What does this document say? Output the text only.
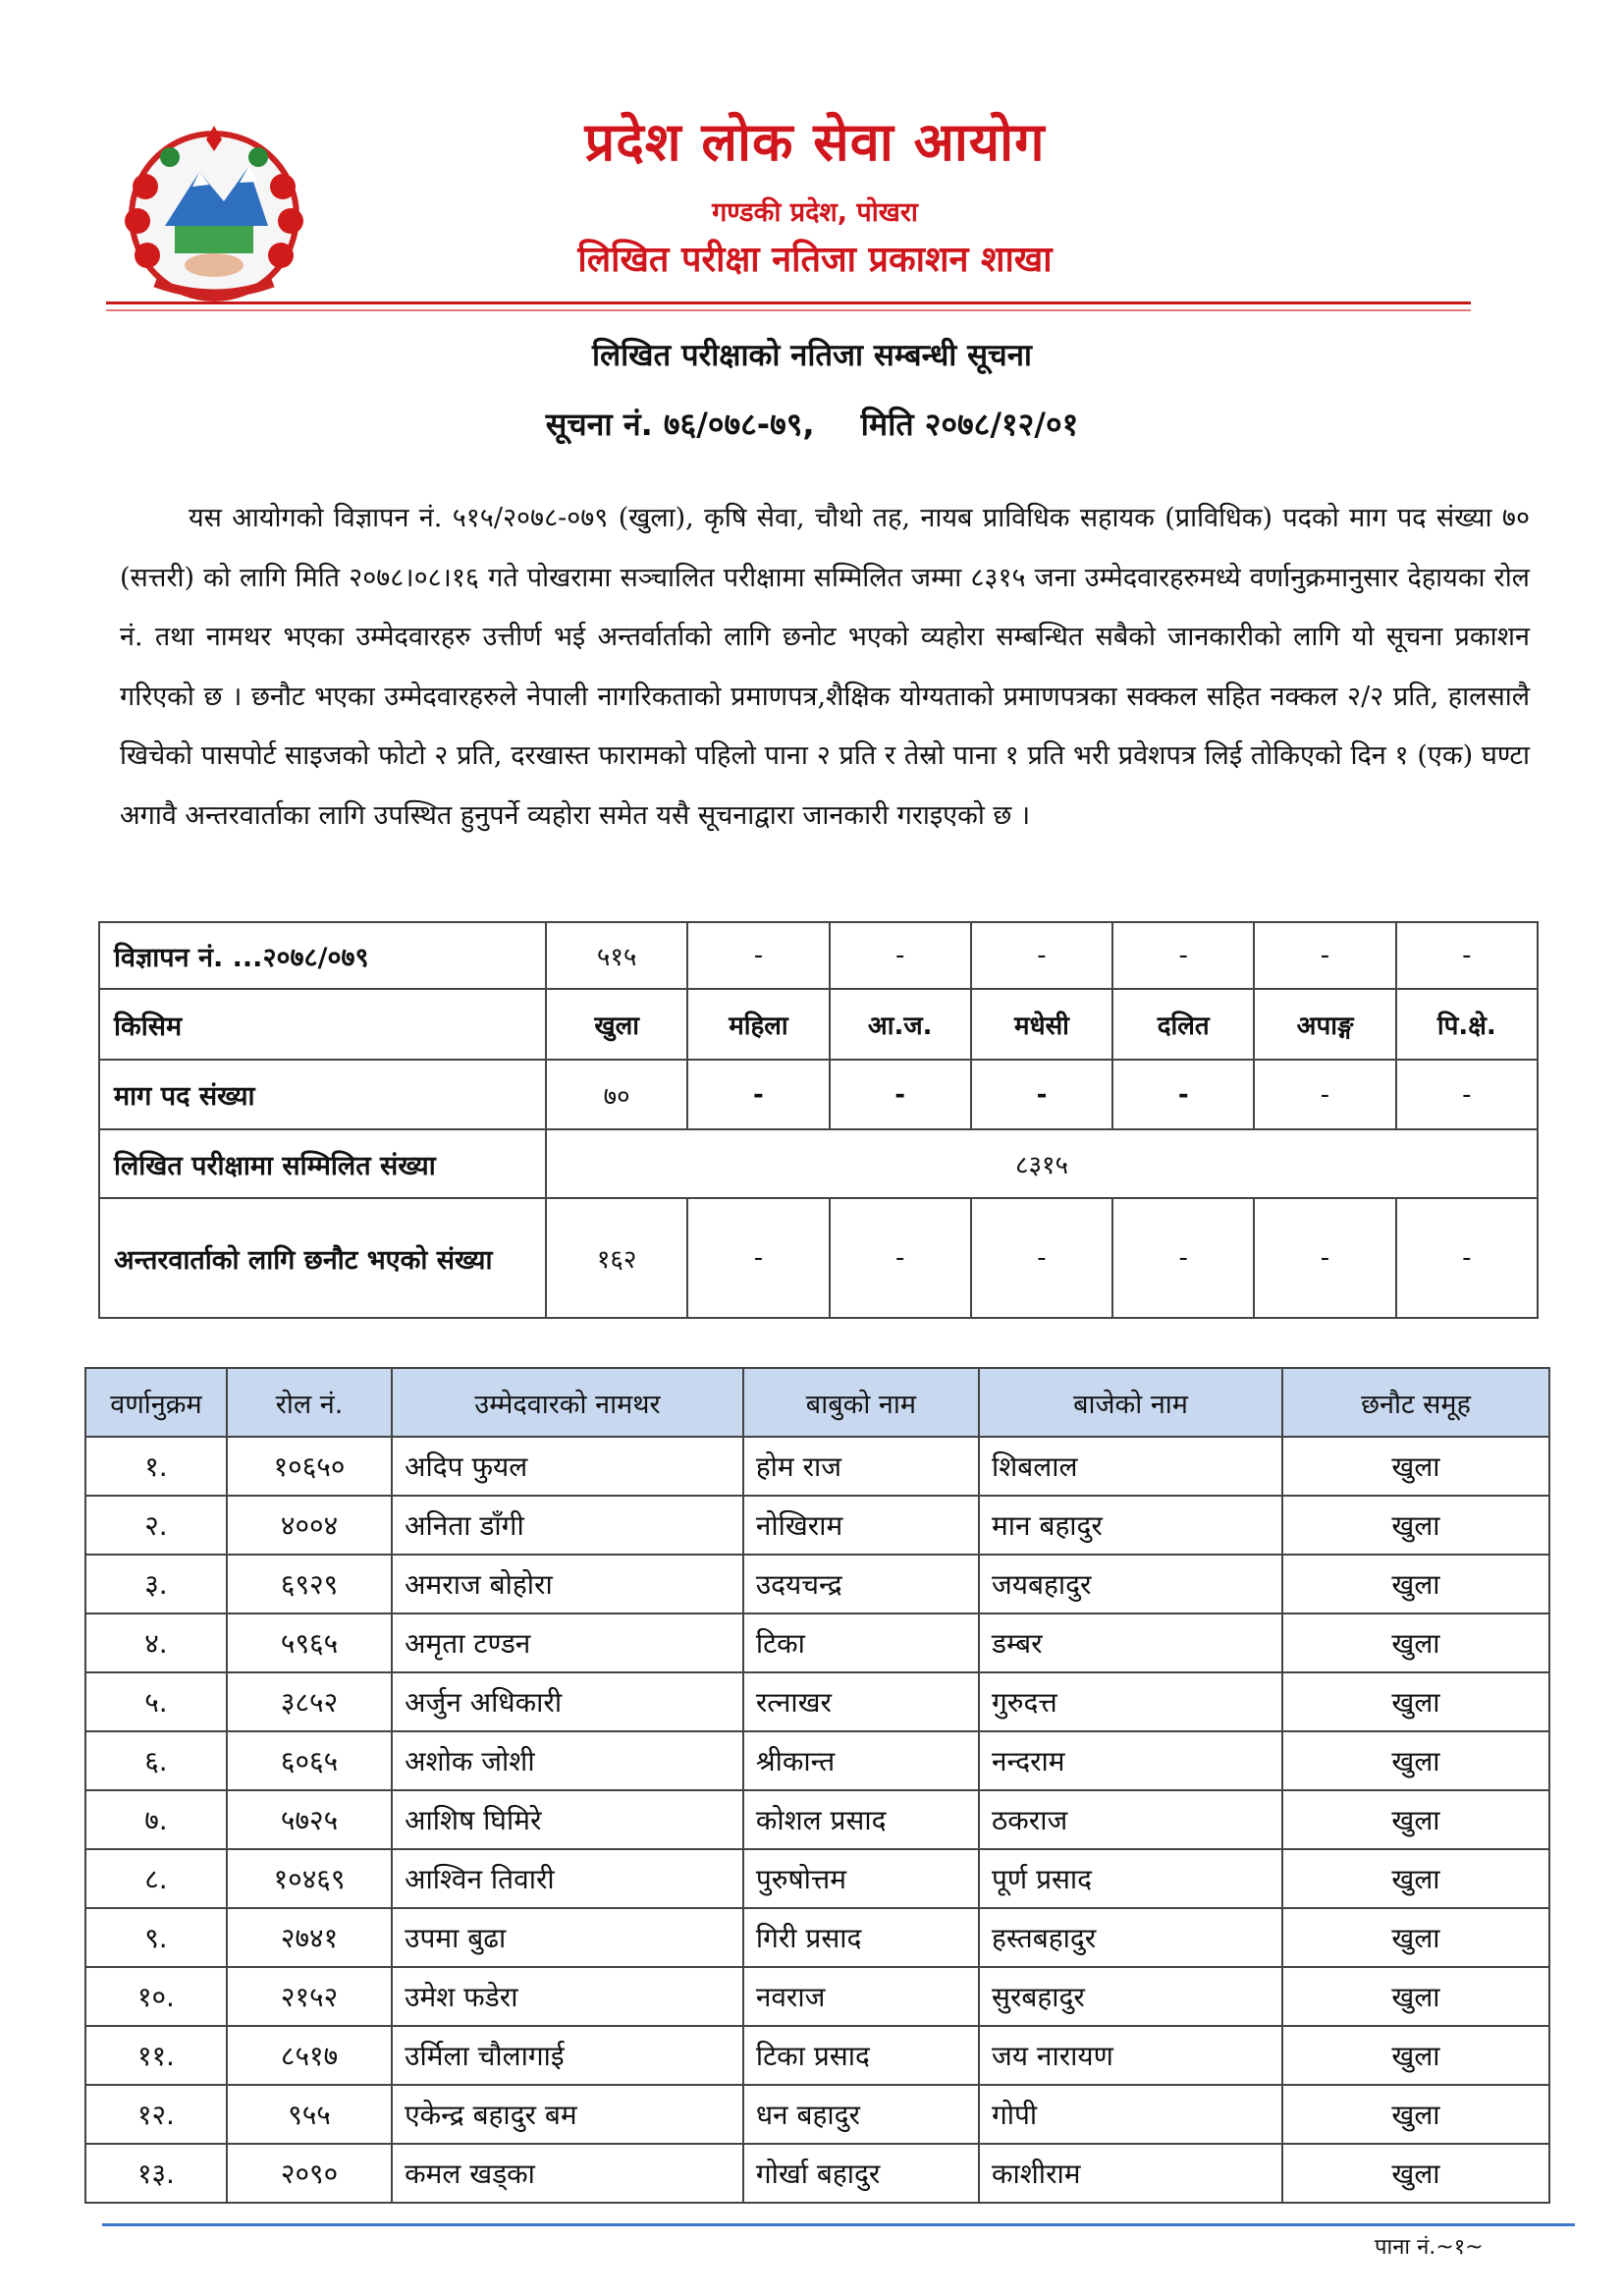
प्रदेश लोक सेवा आयोग
गण्डकी प्रदेश, पोखरा
लिखित परीक्षा नतिजा प्रकाशन शाखा
लिखित परीक्षाको नतिजा सम्बन्धी सूचना
सूचना नं. ७६/०७८-७९, मिति २०७८/१२/०१
यस आयोगको विज्ञापन नं. ५१५/२०७८-०७९ (खुला), कृषि सेवा, चौथो तह, नायब प्राविधिक सहायक (प्राविधिक) पदको माग पद संख्या ७० (सत्तरी) को लागि मिति २०७८।०८।१६ गते पोखरामा सञ्चालित परीक्षामा सम्मिलित जम्मा ८३१५ जना उम्मेदवारहरुमध्ये वर्णानुक्रमानुसार देहायका रोल नं. तथा नामथर भएका उम्मेदवारहरु उत्तीर्ण भई अन्तर्वार्ताको लागि छनोट भएको व्यहोरा सम्बन्धित सबैको जानकारीको लागि यो सूचना प्रकाशन गरिएको छ । छनौट भएका उम्मेदवारहरुले नेपाली नागरिकताको प्रमाणपत्र,शैक्षिक योग्यताको प्रमाणपत्रका सक्कल सहित नक्कल २/२ प्रति, हालसालै खिचेको पासपोर्ट साइजको फोटो २ प्रति, दरखास्त फारामको पहिलो पाना २ प्रति र तेस्रो पाना १ प्रति भरी प्रवेशपत्र लिई तोकिएको दिन १ (एक) घण्टा अगावै अन्तरवार्ताका लागि उपस्थित हुनुपर्ने व्यहोरा समेत यसै सूचनाद्वारा जानकारी गराइएको छ ।
विज्ञापन नं. ...२०७८/०७९	५१५	-	-	-	-	-	-
किसिम	खुला	महिला	आ.ज.	मधेसी	दलित	अपाङ्ग	पि.क्षे.
माग पद संख्या	७०	-	-	-	-	-	-
लिखित परीक्षामा सम्मिलित संख्या	८३१५						
अन्तरवार्ताको लागि छनौट भएको संख्या	१६२	-	-	-	-	-	-
वर्णानुक्रम	रोल नं.	उम्मेदवारको नामथर	बाबुको नाम	बाजेको नाम	छनौट समूह
१.	१०६५०	अदिप फुयल	होम राज	शिबलाल	खुला
२.	४००४	अनिता डाँगी	नोखिराम	मान बहादुर	खुला
३.	६९२९	अमराज बोहोरा	उदयचन्द्र	जयबहादुर	खुला
४.	५९६५	अमृता टण्डन	टिका	डम्बर	खुला
५.	३८५२	अर्जुन अधिकारी	रत्नाखर	गुरुदत्त	खुला
६.	६०६५	अशोक जोशी	श्रीकान्त	नन्दराम	खुला
७.	५७२५	आशिष घिमिरे	कोशल प्रसाद	ठकराज	खुला
८.	१०४६९	आश्विन तिवारी	पुरुषोत्तम	पूर्ण प्रसाद	खुला
९.	२७४१	उपमा बुढा	गिरी प्रसाद	हस्तबहादुर	खुला
१०.	२१५२	उमेश फडेरा	नवराज	सुरबहादुर	खुला
११.	८५१७	उर्मिला चौलागाई	टिका प्रसाद	जय नारायण	खुला
१२.	९५५	एकेन्द्र बहादुर बम	धन बहादुर	गोपी	खुला
१३.	२०९०	कमल खड्का	गोर्खा बहादुर	काशीराम	खुला
पाना नं.~१~
